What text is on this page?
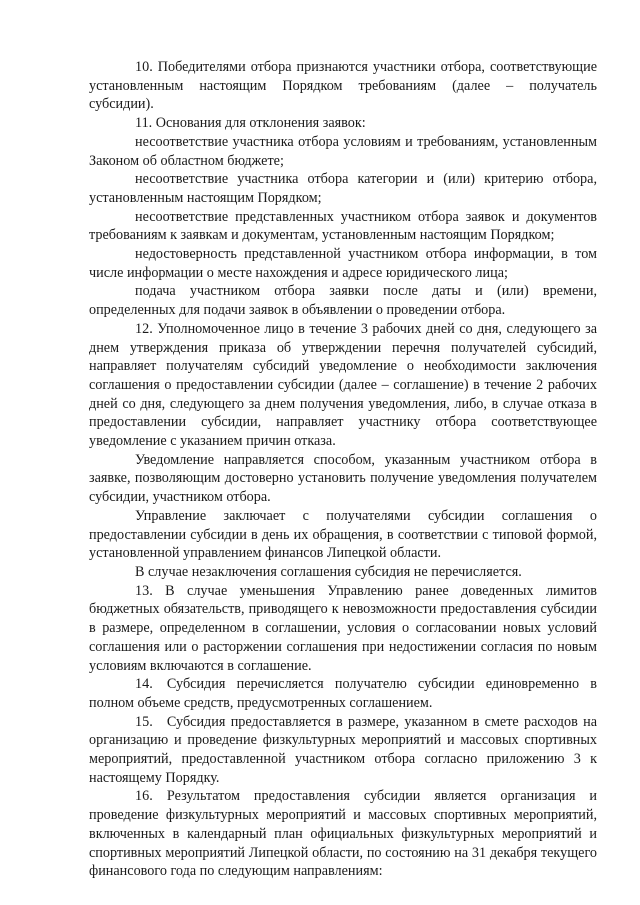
10. Победителями отбора признаются участники отбора, соответствующие установленным настоящим Порядком требованиям (далее – получатель субсидии).

11. Основания для отклонения заявок:

несоответствие участника отбора условиям и требованиям, установленным Законом об областном бюджете;

несоответствие участника отбора категории и (или) критерию отбора, установленным настоящим Порядком;

несоответствие представленных участником отбора заявок и документов требованиям к заявкам и документам, установленным настоящим Порядком;

недостоверность представленной участником отбора информации, в том числе информации о месте нахождения и адресе юридического лица;

подача участником отбора заявки после даты и (или) времени, определенных для подачи заявок в объявлении о проведении отбора.

12. Уполномоченное лицо в течение 3 рабочих дней со дня, следующего за днем утверждения приказа об утверждении перечня получателей субсидий, направляет получателям субсидий уведомление о необходимости заключения соглашения о предоставлении субсидии (далее – соглашение) в течение 2 рабочих дней со дня, следующего за днем получения уведомления, либо, в случае отказа в предоставлении субсидии, направляет участнику отбора соответствующее уведомление с указанием причин отказа.

Уведомление направляется способом, указанным участником отбора в заявке, позволяющим достоверно установить получение уведомления получателем субсидии, участником отбора.

Управление заключает с получателями субсидии соглашения о предоставлении субсидии в день их обращения, в соответствии с типовой формой, установленной управлением финансов Липецкой области.

В случае незаключения соглашения субсидия не перечисляется.

13. В случае уменьшения Управлению ранее доведенных лимитов бюджетных обязательств, приводящего к невозможности предоставления субсидии в размере, определенном в соглашении, условия о согласовании новых условий соглашения или о расторжении соглашения при недостижении согласия по новым условиям включаются в соглашение.

14. Субсидия перечисляется получателю субсидии единовременно в полном объеме средств, предусмотренных соглашением.

15. Субсидия предоставляется в размере, указанном в смете расходов на организацию и проведение физкультурных мероприятий и массовых спортивных мероприятий, предоставленной участником отбора согласно приложению 3 к настоящему Порядку.

16. Результатом предоставления субсидии является организация и проведение физкультурных мероприятий и массовых спортивных мероприятий, включенных в календарный план официальных физкультурных мероприятий и спортивных мероприятий Липецкой области, по состоянию на 31 декабря текущего финансового года по следующим направлениям:
